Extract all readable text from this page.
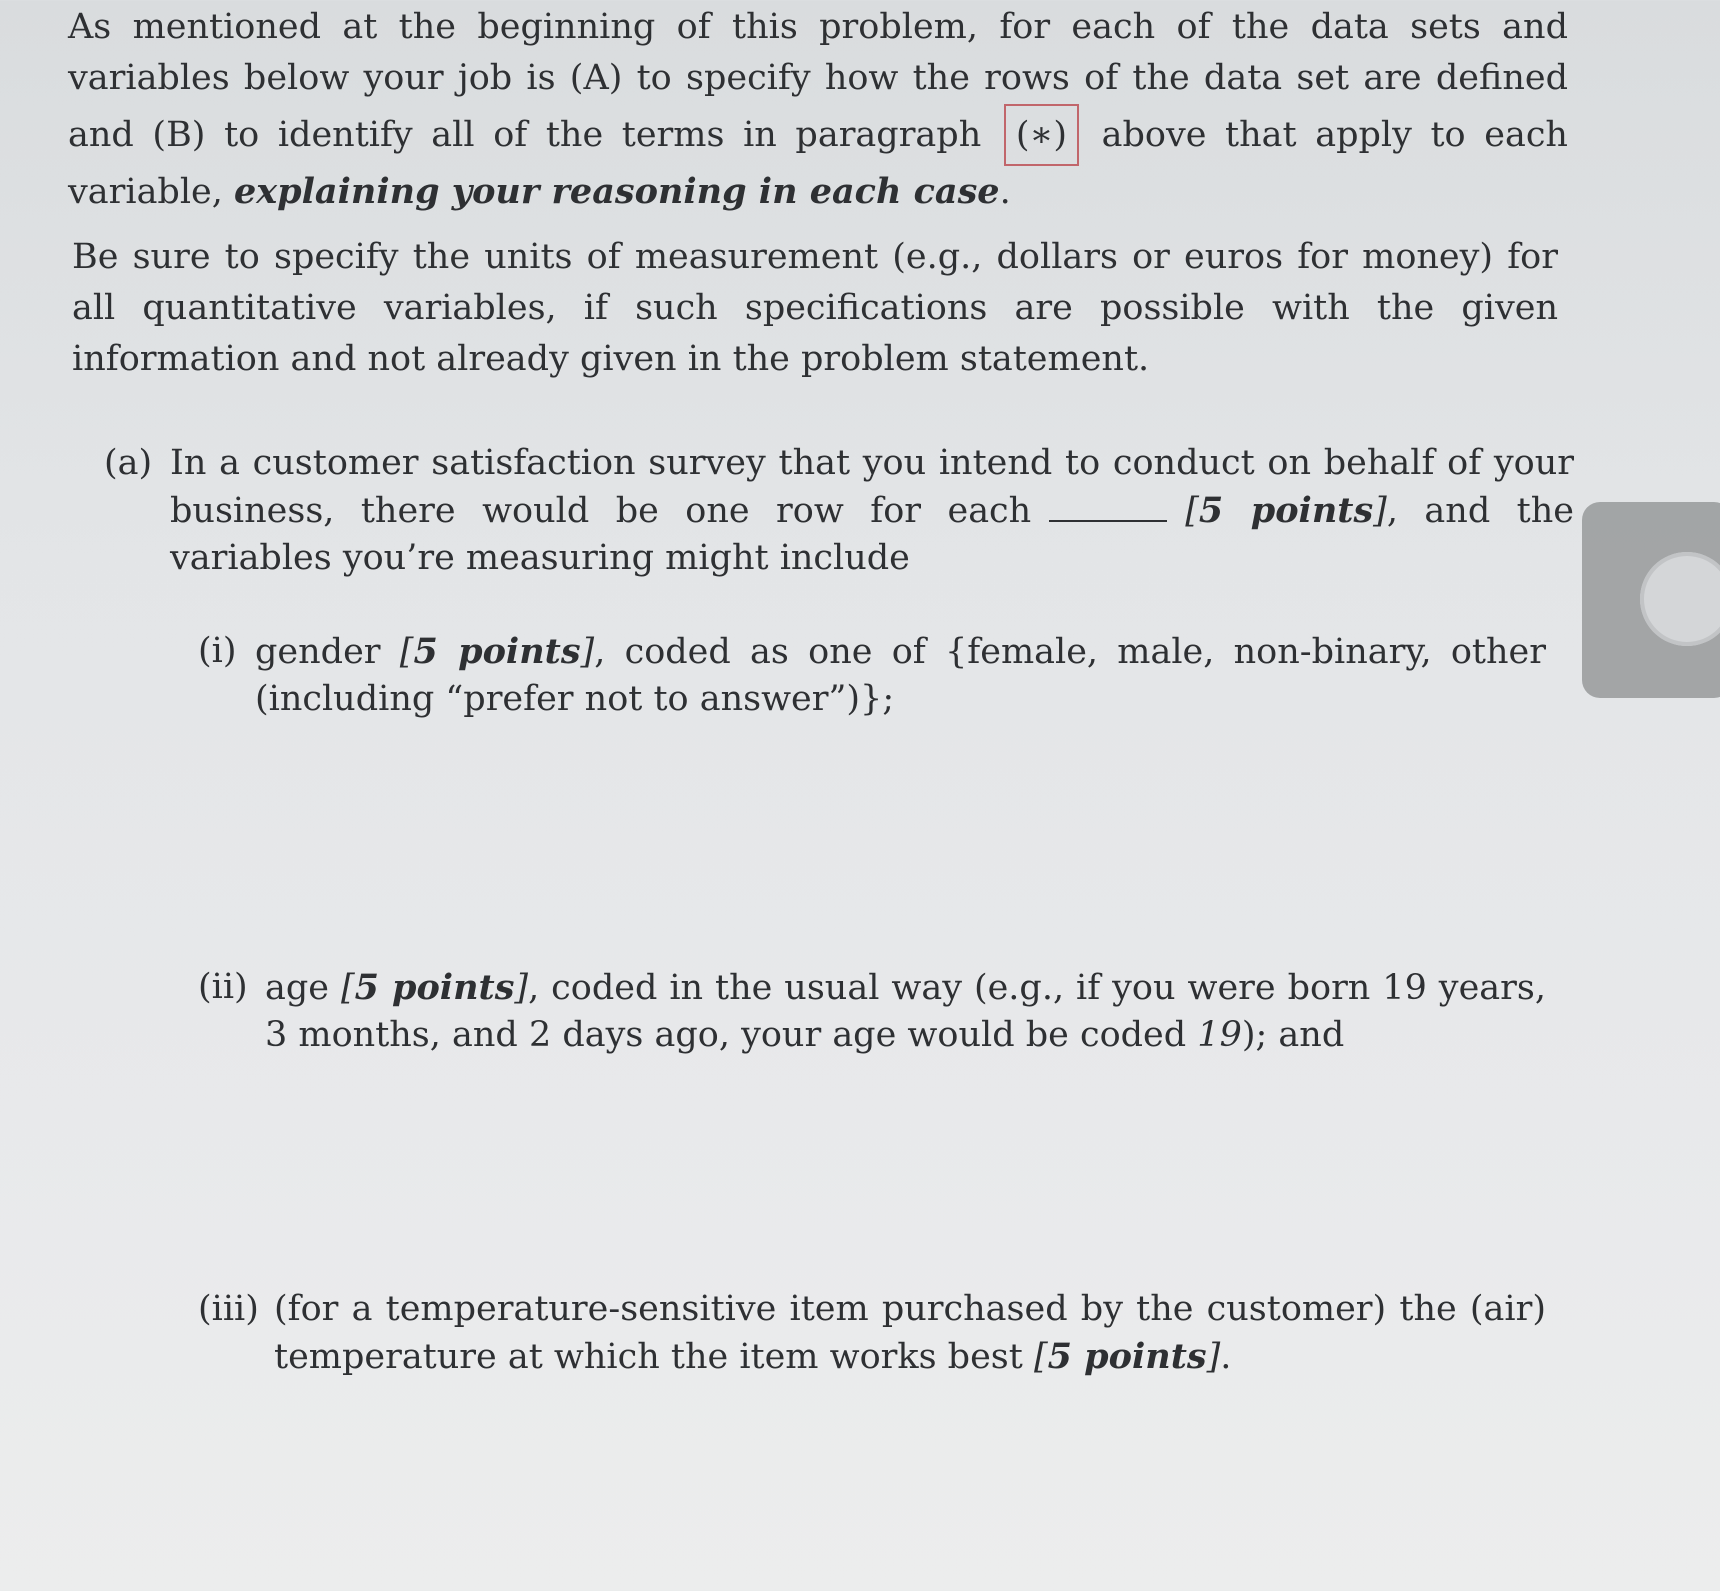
As mentioned at the beginning of this problem, for each of the data sets and variables below your job is (A) to specify how the rows of the data set are defined and (B) to identify all of the terms in paragraph (∗) above that apply to each variable, explaining your reasoning in each case.

Be sure to specify the units of measurement (e.g., dollars or euros for money) for all quantitative variables, if such specifications are possible with the given information and not already given in the problem statement.

(a) In a customer satisfaction survey that you intend to conduct on behalf of your business, there would be one row for each	[5 points], and the variables you’re measuring might include
(i) gender [5 points], coded as one of {female, male, non-binary, other (including “prefer not to answer”)};
(ii) age [5 points], coded in the usual way (e.g., if you were born 19 years, 3 months, and 2 days ago, your age would be coded 19); and
(iii) (for a temperature-sensitive item purchased by the customer) the (air) temperature at which the item works best [5 points].
